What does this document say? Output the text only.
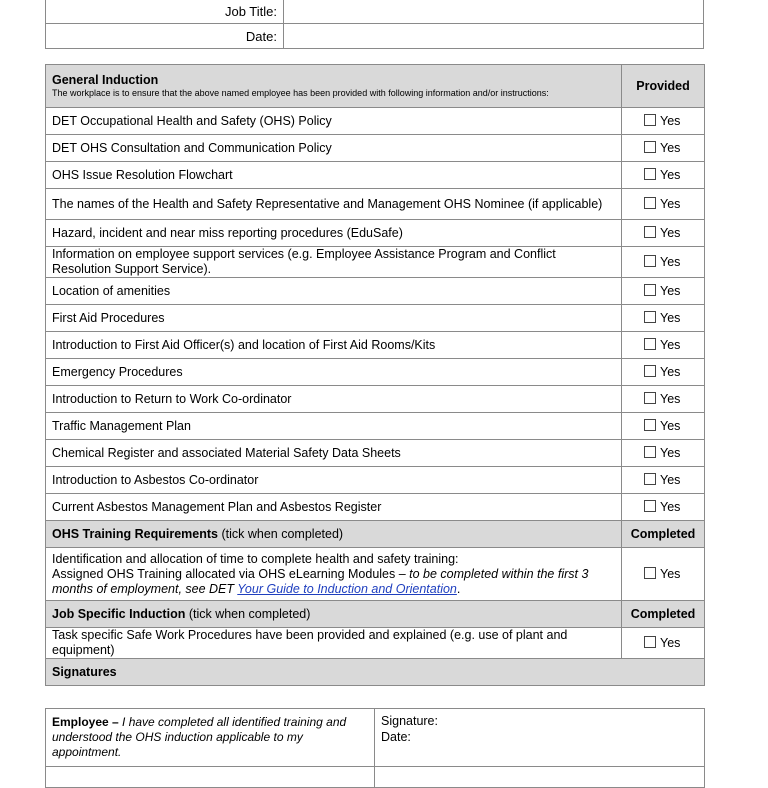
Job Title:	
Date:	
General Induction
The workplace is to ensure that the above named employee has been provided with following information and/or instructions:	Provided
DET Occupational Health and Safety (OHS) Policy	Yes
DET OHS Consultation and Communication Policy	Yes
OHS Issue Resolution Flowchart	Yes
The names of the Health and Safety Representative and Management OHS Nominee (if applicable)	Yes
Hazard, incident and near miss reporting procedures (EduSafe)	Yes
Information on employee support services (e.g. Employee Assistance Program and Conflict Resolution Support Service).	Yes
Location of amenities	Yes
First Aid Procedures	Yes
Introduction to First Aid Officer(s) and location of First Aid Rooms/Kits	Yes
Emergency Procedures	Yes
Introduction to Return to Work Co-ordinator	Yes
Traffic Management Plan	Yes
Chemical Register and associated Material Safety Data Sheets	Yes
Introduction to Asbestos Co-ordinator	Yes
Current Asbestos Management Plan and Asbestos Register	Yes
OHS Training Requirements (tick when completed)	Completed
Identification and allocation of time to complete health and safety training:
Assigned OHS Training allocated via OHS eLearning Modules – to be completed within the first 3 months of employment, see DET Your Guide to Induction and Orientation.	Yes
Job Specific Induction (tick when completed)	Completed
Task specific Safe Work Procedures have been provided and explained (e.g. use of plant and equipment)	Yes
Signatures	
Employee – I have completed all identified training and understood the OHS induction applicable to my appointment.	Signature:
Date:
